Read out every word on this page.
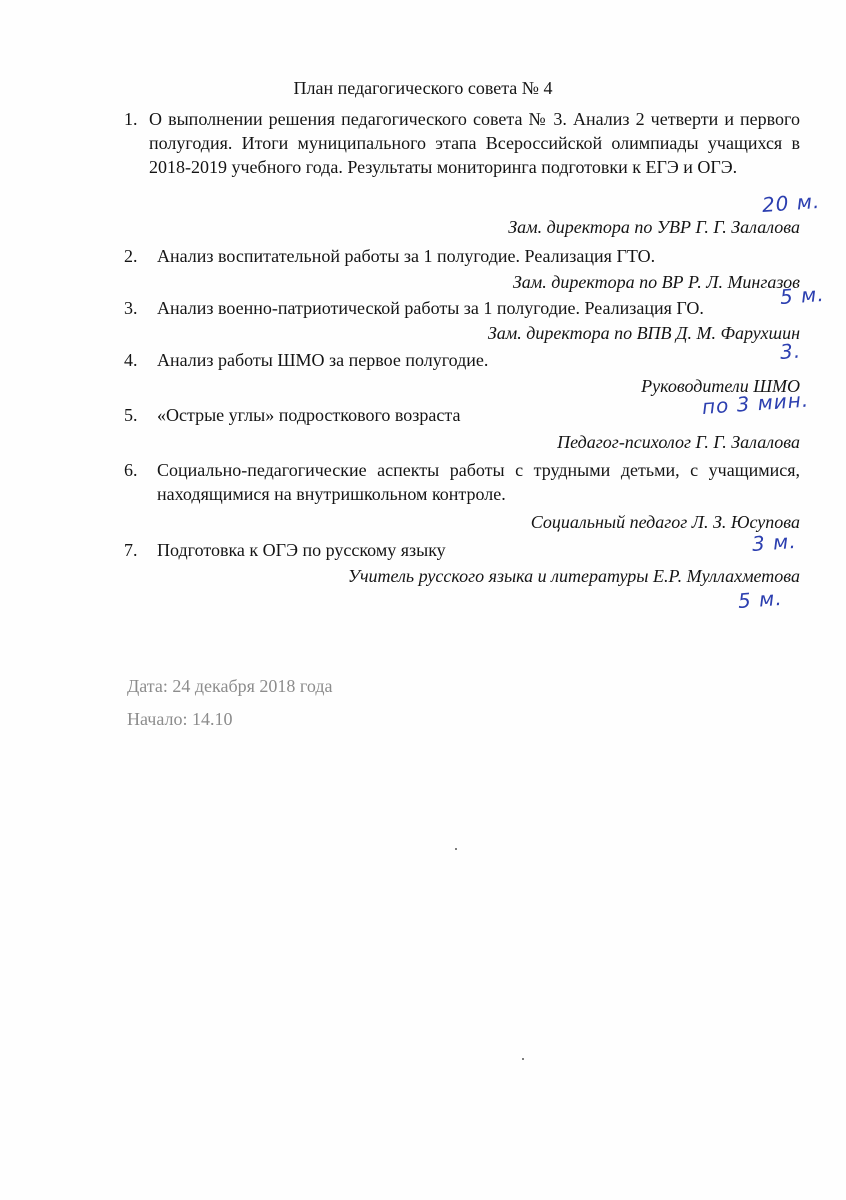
План педагогического совета № 4
1. О выполнении решения педагогического совета № 3. Анализ 2 четверти и первого полугодия. Итоги муниципального этапа Всероссийской олимпиады учащихся в 2018-2019 учебного года. Результаты мониторинга подготовки к ЕГЭ и ОГЭ.
Зам. директора по УВР Г. Г. Залалова
20 м.
2. Анализ воспитательной работы за 1 полугодие. Реализация ГТО.
Зам. директора по ВР Р. Л. Мингазов
5 м.
3. Анализ военно-патриотической работы за 1 полугодие. Реализация ГО.
Зам. директора по ВПВ Д. М. Фарухшин
3.
4. Анализ работы ШМО за первое полугодие.
Руководители ШМО
по 3 мин.
5. «Острые углы» подросткового возраста
Педагог-психолог Г. Г. Залалова
6. Социально-педагогические аспекты работы с трудными детьми, с учащимися, находящимися на внутришкольном контроле.
Социальный педагог Л. З. Юсупова
3 м.
7. Подготовка к ОГЭ по русскому языку
Учитель русского языка и литературы Е.Р. Муллахметова
5 м.
Дата: 24 декабря 2018 года
Начало: 14.10
